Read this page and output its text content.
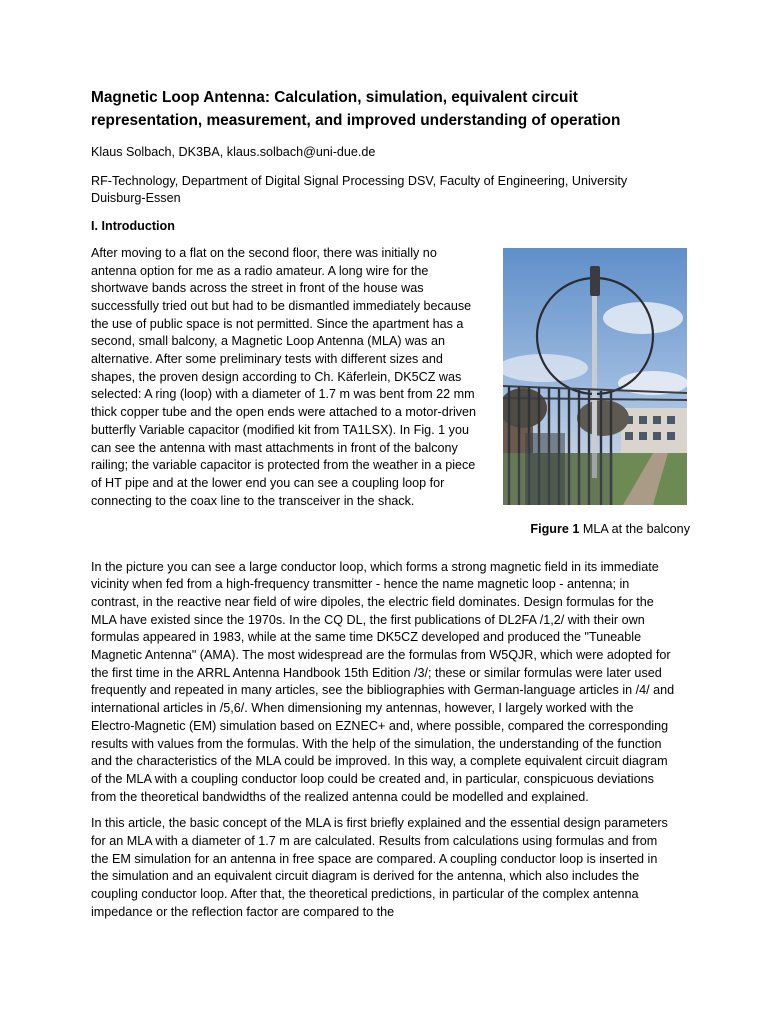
Magnetic Loop Antenna: Calculation, simulation, equivalent circuit representation, measurement, and improved understanding of operation

Klaus Solbach, DK3BA, klaus.solbach@uni-due.de

RF-Technology, Department of Digital Signal Processing DSV, Faculty of Engineering, University Duisburg-Essen

I. Introduction

Figure 1 MLA at the balcony

After moving to a flat on the second floor, there was initially no antenna option for me as a radio amateur. A long wire for the shortwave bands across the street in front of the house was successfully tried out but had to be dismantled immediately because the use of public space is not permitted. Since the apartment has a second, small balcony, a Magnetic Loop Antenna (MLA) was an alternative. After some preliminary tests with different sizes and shapes, the proven design according to Ch. Käferlein, DK5CZ was selected: A ring (loop) with a diameter of 1.7 m was bent from 22 mm thick copper tube and the open ends were attached to a motor-driven butterfly Variable capacitor (modified kit from TA1LSX). In Fig. 1 you can see the antenna with mast attachments in front of the balcony railing; the variable capacitor is protected from the weather in a piece of HT pipe and at the lower end you can see a coupling loop for connecting to the coax line to the transceiver in the shack.

In the picture you can see a large conductor loop, which forms a strong magnetic field in its immediate vicinity when fed from a high-frequency transmitter - hence the name magnetic loop - antenna; in contrast, in the reactive near field of wire dipoles, the electric field dominates. Design formulas for the MLA have existed since the 1970s. In the CQ DL, the first publications of DL2FA /1,2/ with their own formulas appeared in 1983, while at the same time DK5CZ developed and produced the "Tuneable Magnetic Antenna" (AMA). The most widespread are the formulas from W5QJR, which were adopted for the first time in the ARRL Antenna Handbook 15th Edition /3/; these or similar formulas were later used frequently and repeated in many articles, see the bibliographies with German-language articles in /4/ and international articles in /5,6/. When dimensioning my antennas, however, I largely worked with the Electro-Magnetic (EM) simulation based on EZNEC+ and, where possible, compared the corresponding results with values from the formulas. With the help of the simulation, the understanding of the function and the characteristics of the MLA could be improved. In this way, a complete equivalent circuit diagram of the MLA with a coupling conductor loop could be created and, in particular, conspicuous deviations from the theoretical bandwidths of the realized antenna could be modelled and explained.

In this article, the basic concept of the MLA is first briefly explained and the essential design parameters for an MLA with a diameter of 1.7 m are calculated. Results from calculations using formulas and from the EM simulation for an antenna in free space are compared. A coupling conductor loop is inserted in the simulation and an equivalent circuit diagram is derived for the antenna, which also includes the coupling conductor loop. After that, the theoretical predictions, in particular of the complex antenna impedance or the reflection factor are compared to the
